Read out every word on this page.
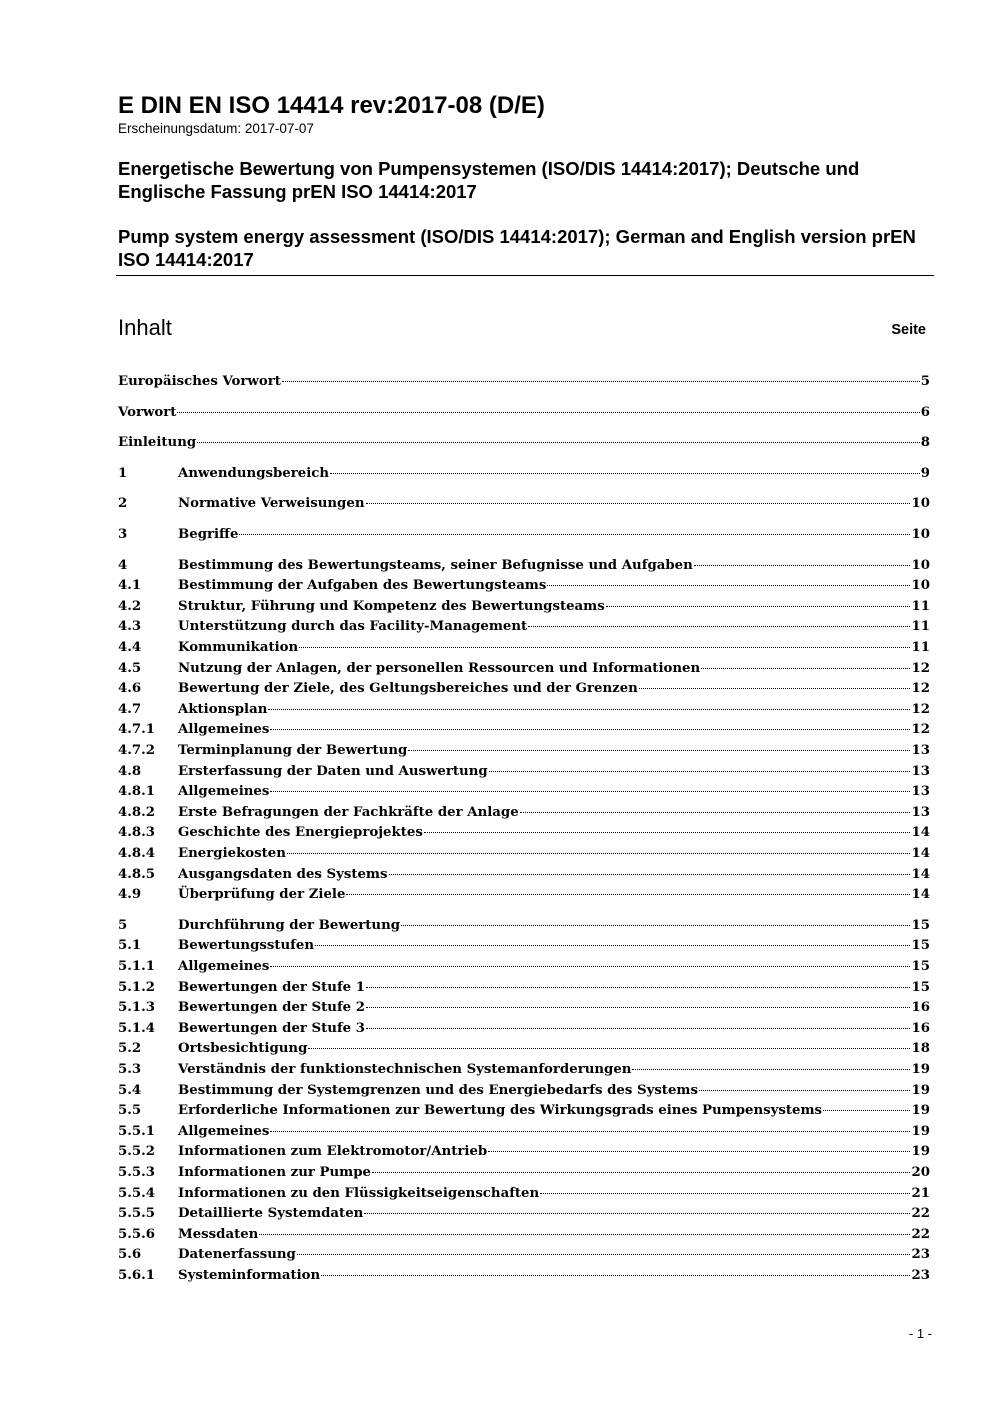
E DIN EN ISO 14414 rev:2017-08 (D/E)

Erscheinungsdatum: 2017-07-07

Energetische Bewertung von Pumpensystemen (ISO/DIS 14414:2017); Deutsche und Englische Fassung prEN ISO 14414:2017

Pump system energy assessment (ISO/DIS 14414:2017); German and English version prEN ISO 14414:2017

Inhalt	Seite
Europäisches Vorwort	5
Vorwort	6
Einleitung	8
1	Anwendungsbereich	9
2	Normative Verweisungen	10
3	Begriffe	10
4	Bestimmung des Bewertungsteams, seiner Befugnisse und Aufgaben	10
4.1	Bestimmung der Aufgaben des Bewertungsteams	10
4.2	Struktur, Führung und Kompetenz des Bewertungsteams	11
4.3	Unterstützung durch das Facility-Management	11
4.4	Kommunikation	11
4.5	Nutzung der Anlagen, der personellen Ressourcen und Informationen	12
4.6	Bewertung der Ziele, des Geltungsbereiches und der Grenzen	12
4.7	Aktionsplan	12
4.7.1	Allgemeines	12
4.7.2	Terminplanung der Bewertung	13
4.8	Ersterfassung der Daten und Auswertung	13
4.8.1	Allgemeines	13
4.8.2	Erste Befragungen der Fachkräfte der Anlage	13
4.8.3	Geschichte des Energieprojektes	14
4.8.4	Energiekosten	14
4.8.5	Ausgangsdaten des Systems	14
4.9	Überprüfung der Ziele	14
5	Durchführung der Bewertung	15
5.1	Bewertungsstufen	15
5.1.1	Allgemeines	15
5.1.2	Bewertungen der Stufe 1	15
5.1.3	Bewertungen der Stufe 2	16
5.1.4	Bewertungen der Stufe 3	16
5.2	Ortsbesichtigung	18
5.3	Verständnis der funktionstechnischen Systemanforderungen	19
5.4	Bestimmung der Systemgrenzen und des Energiebedarfs des Systems	19
5.5	Erforderliche Informationen zur Bewertung des Wirkungsgrads eines Pumpensystems	19
5.5.1	Allgemeines	19
5.5.2	Informationen zum Elektromotor/Antrieb	19
5.5.3	Informationen zur Pumpe	20
5.5.4	Informationen zu den Flüssigkeitseigenschaften	21
5.5.5	Detaillierte Systemdaten	22
5.5.6	Messdaten	22
5.6	Datenerfassung	23
5.6.1	Systeminformation	23
- 1 -
